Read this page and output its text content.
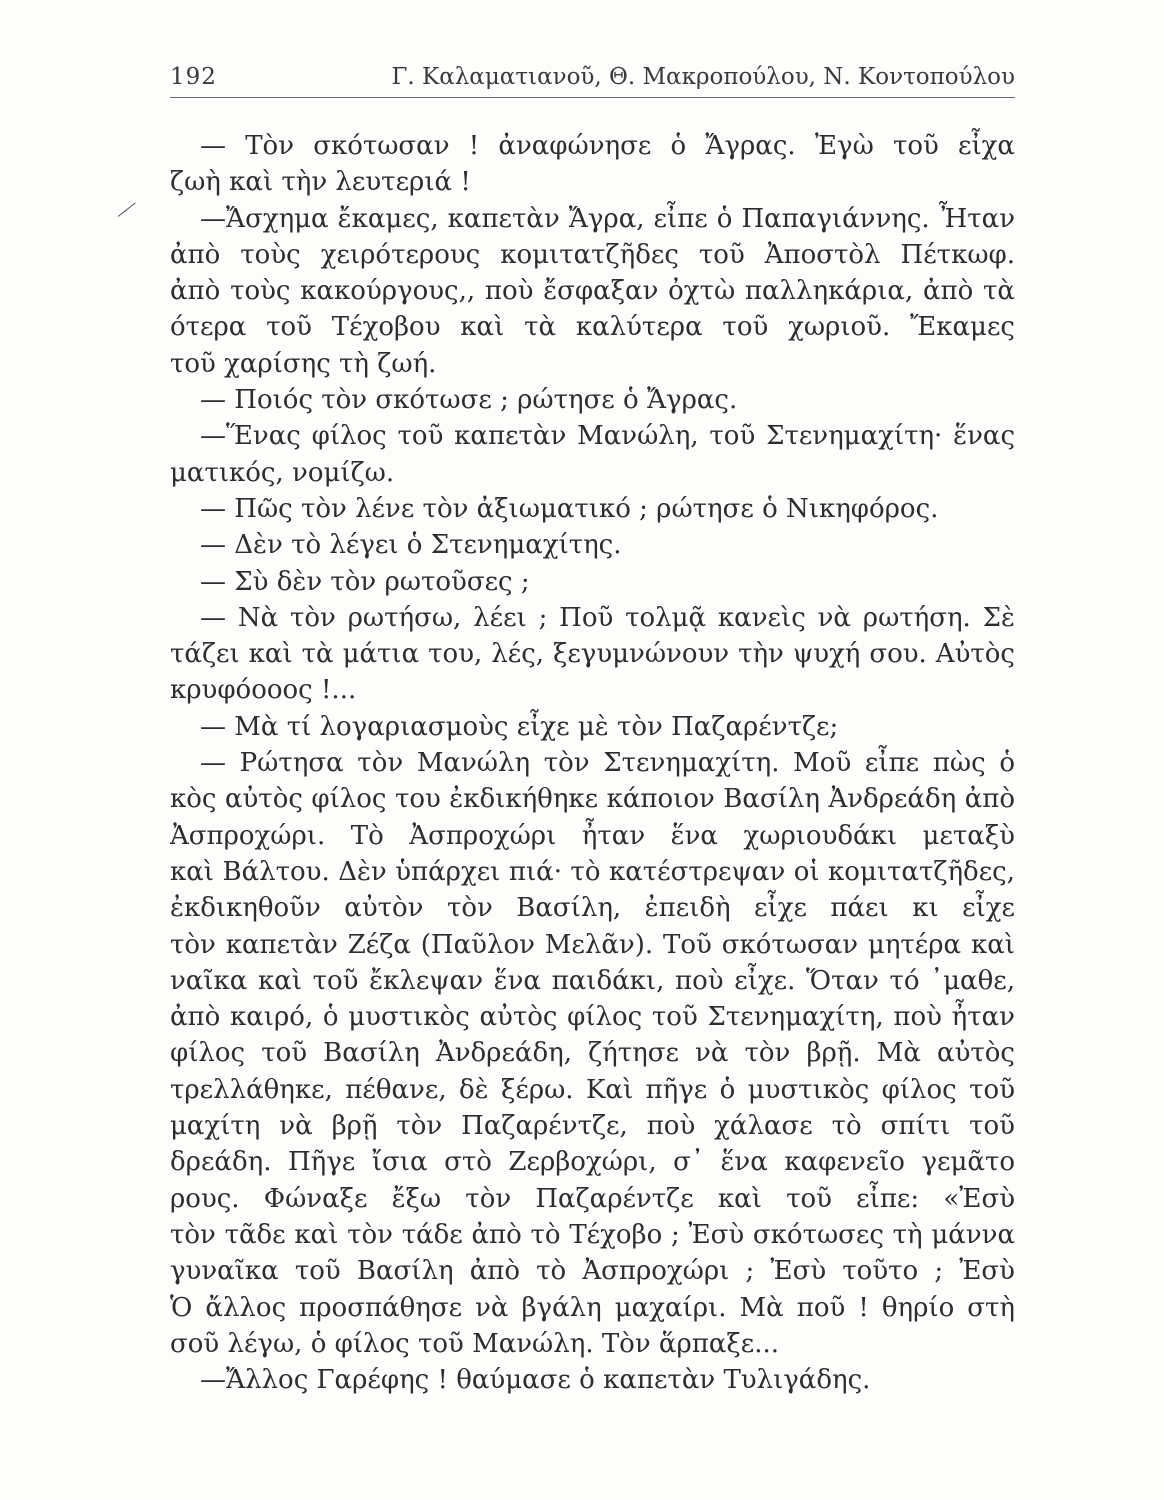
192	Γ. Καλαματιανοῦ, Θ. Μακροπούλου, Ν. Κοντοπούλου
— Τὸν σκότωσαν ! ἀναφώνησε ὁ Ἄγρας. Ἐγὼ τοῦ εἶχα
ζωὴ καὶ τὴν λευτεριά !
—Ἄσχημα ἔκαμες, καπετὰν Ἄγρα, εἶπε ὁ Παπαγιάννης. Ἦταν
ἀπὸ τοὺς χειρότερους κομιτατζῆδες τοῦ Ἀποστὸλ Πέτκωφ.
ἀπὸ τοὺς κακούργους,, ποὺ ἔσφαξαν ὀχτὼ παλληκάρια, ἀπὸ τὰ
ότερα τοῦ Τέχοβου καὶ τὰ καλύτερα τοῦ χωριοῦ. Ἔκαμες
τοῦ χαρίσης τὴ ζωή.
— Ποιός τὸν σκότωσε ; ρώτησε ὁ Ἄγρας.
—Ἕνας φίλος τοῦ καπετὰν Μανώλη, τοῦ Στενημαχίτη· ἕνας
ματικός, νομίζω.
— Πῶς τὸν λένε τὸν ἀξιωματικό ; ρώτησε ὁ Νικηφόρος.
— Δὲν τὸ λέγει ὁ Στενημαχίτης.
— Σὺ δὲν τὸν ρωτοῦσες ;
— Νὰ τὸν ρωτήσω, λέει ; Ποῦ τολμᾷ κανεὶς νὰ ρωτήση. Σὲ
τάζει καὶ τὰ μάτια του, λές, ξεγυμνώνουν τὴν ψυχή σου. Αὐτὸς
κρυφόοοος !...
— Μὰ τί λογαριασμοὺς εἶχε μὲ τὸν Παζαρέντζε;
— Ρώτησα τὸν Μανώλη τὸν Στενημαχίτη. Μοῦ εἶπε πὼς ὁ
κὸς αὐτὸς φίλος του ἐκδικήθηκε κάποιον Βασίλη Ἀνδρεάδη ἀπὸ
Ἀσπροχώρι. Τὸ Ἀσπροχώρι ἦταν ἕνα χωριουδάκι μεταξὺ
καὶ Βάλτου. Δὲν ὑπάρχει πιά· τὸ κατέστρεψαν οἱ κομιτατζῆδες,
ἐκδικηθοῦν αὐτὸν τὸν Βασίλη, ἐπειδὴ εἶχε πάει κι εἶχε
τὸν καπετὰν Ζέζα (Παῦλον Μελᾶν). Τοῦ σκότωσαν μητέρα καὶ
ναῖκα καὶ τοῦ ἔκλεψαν ἕνα παιδάκι, ποὺ εἶχε. Ὅταν τό ᾿μαθε,
ἀπὸ καιρό, ὁ μυστικὸς αὐτὸς φίλος τοῦ Στενημαχίτη, ποὺ ἦταν
φίλος τοῦ Βασίλη Ἀνδρεάδη, ζήτησε νὰ τὸν βρῇ. Μὰ αὐτὸς
τρελλάθηκε, πέθανε, δὲ ξέρω. Καὶ πῆγε ὁ μυστικὸς φίλος τοῦ
μαχίτη νὰ βρῇ τὸν Παζαρέντζε, ποὺ χάλασε τὸ σπίτι τοῦ
δρεάδη. Πῆγε ἴσια στὸ Ζερβοχώρι, σ᾿ ἕνα καφενεῖο γεμᾶτο
ρους. Φώναξε ἔξω τὸν Παζαρέντζε καὶ τοῦ εἶπε: «Ἐσὺ
τὸν τᾶδε καὶ τὸν τάδε ἀπὸ τὸ Τέχοβο ; Ἐσὺ σκότωσες τὴ μάννα
γυναῖκα τοῦ Βασίλη ἀπὸ τὸ Ἀσπροχώρι ; Ἐσὺ τοῦτο ; Ἐσὺ
Ὁ ἄλλος προσπάθησε νὰ βγάλη μαχαίρι. Μὰ ποῦ ! θηρίο στὴ
σοῦ λέγω, ὁ φίλος τοῦ Μανώλη. Τὸν ἅρπαξε...
—Ἄλλος Γαρέφης ! θαύμασε ὁ καπετὰν Τυλιγάδης.
